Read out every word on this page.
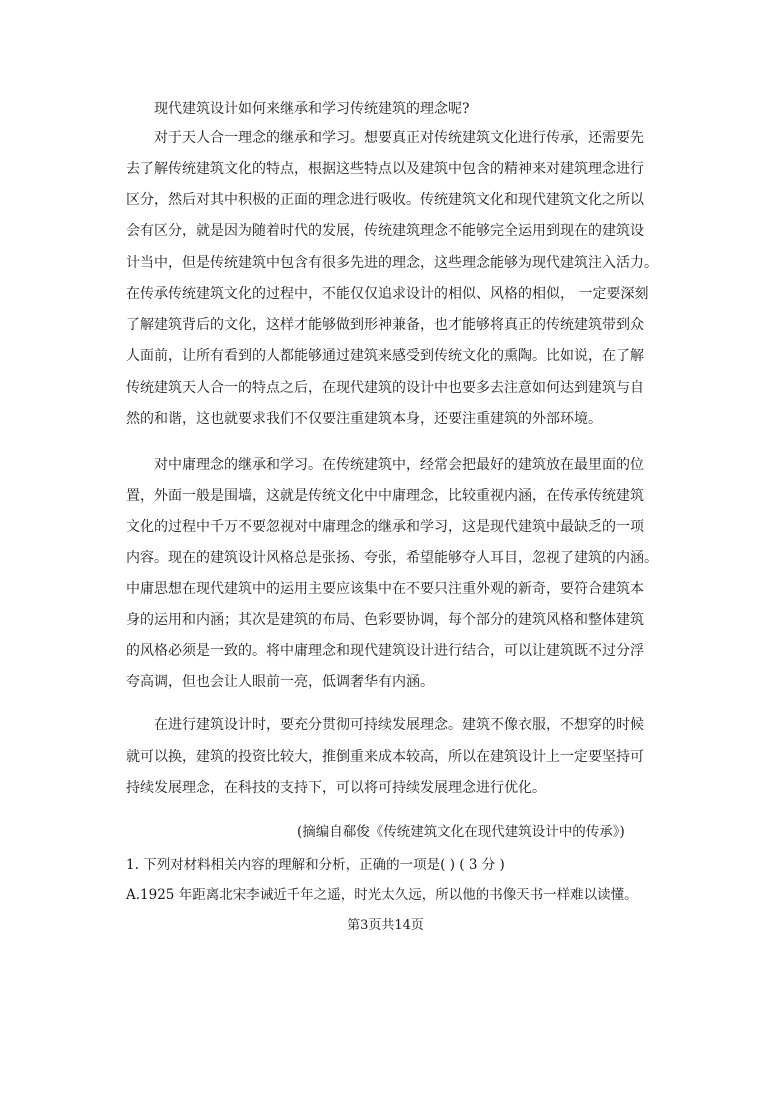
现代建筑设计如何来继承和学习传统建筑的理念呢?
对于天人合一理念的继承和学习。想要真正对传统建筑文化进行传承，还需要先
去了解传统建筑文化的特点，根据这些特点以及建筑中包含的精神来对建筑理念进行
区分，然后对其中积极的正面的理念进行吸收。传统建筑文化和现代建筑文化之所以
会有区分，就是因为随着时代的发展，传统建筑理念不能够完全运用到现在的建筑设
计当中，但是传统建筑中包含有很多先进的理念，这些理念能够为现代建筑注入活力。
在传承传统建筑文化的过程中，不能仅仅追求设计的相似、风格的相似， 一定要深刻
了解建筑背后的文化，这样才能够做到形神兼备，也才能够将真正的传统建筑带到众
人面前，让所有看到的人都能够通过建筑来感受到传统文化的熏陶。比如说，在了解
传统建筑天人合一的特点之后，在现代建筑的设计中也要多去注意如何达到建筑与自
然的和谐，这也就要求我们不仅要注重建筑本身，还要注重建筑的外部环境。
对中庸理念的继承和学习。在传统建筑中，经常会把最好的建筑放在最里面的位
置，外面一般是围墙，这就是传统文化中中庸理念，比较重视内涵，在传承传统建筑
文化的过程中千万不要忽视对中庸理念的继承和学习，这是现代建筑中最缺乏的一项
内容。现在的建筑设计风格总是张扬、夸张，希望能够夺人耳目，忽视了建筑的内涵。
中庸思想在现代建筑中的运用主要应该集中在不要只注重外观的新奇，要符合建筑本
身的运用和内涵；其次是建筑的布局、色彩要协调，每个部分的建筑风格和整体建筑
的风格必须是一致的。将中庸理念和现代建筑设计进行结合，可以让建筑既不过分浮
夸高调，但也会让人眼前一亮，低调奢华有内涵。
在进行建筑设计时，要充分贯彻可持续发展理念。建筑不像衣服，不想穿的时候
就可以换，建筑的投资比较大，推倒重来成本较高，所以在建筑设计上一定要坚持可
持续发展理念，在科技的支持下，可以将可持续发展理念进行优化。
(摘编自郗俊《传统建筑文化在现代建筑设计中的传承》)
1. 下列对材料相关内容的理解和分析，正确的一项是( ) ( 3 分 )
A.1925 年距离北宋李诫近千年之遥，时光太久远，所以他的书像天书一样难以读懂。
第3页共14页
